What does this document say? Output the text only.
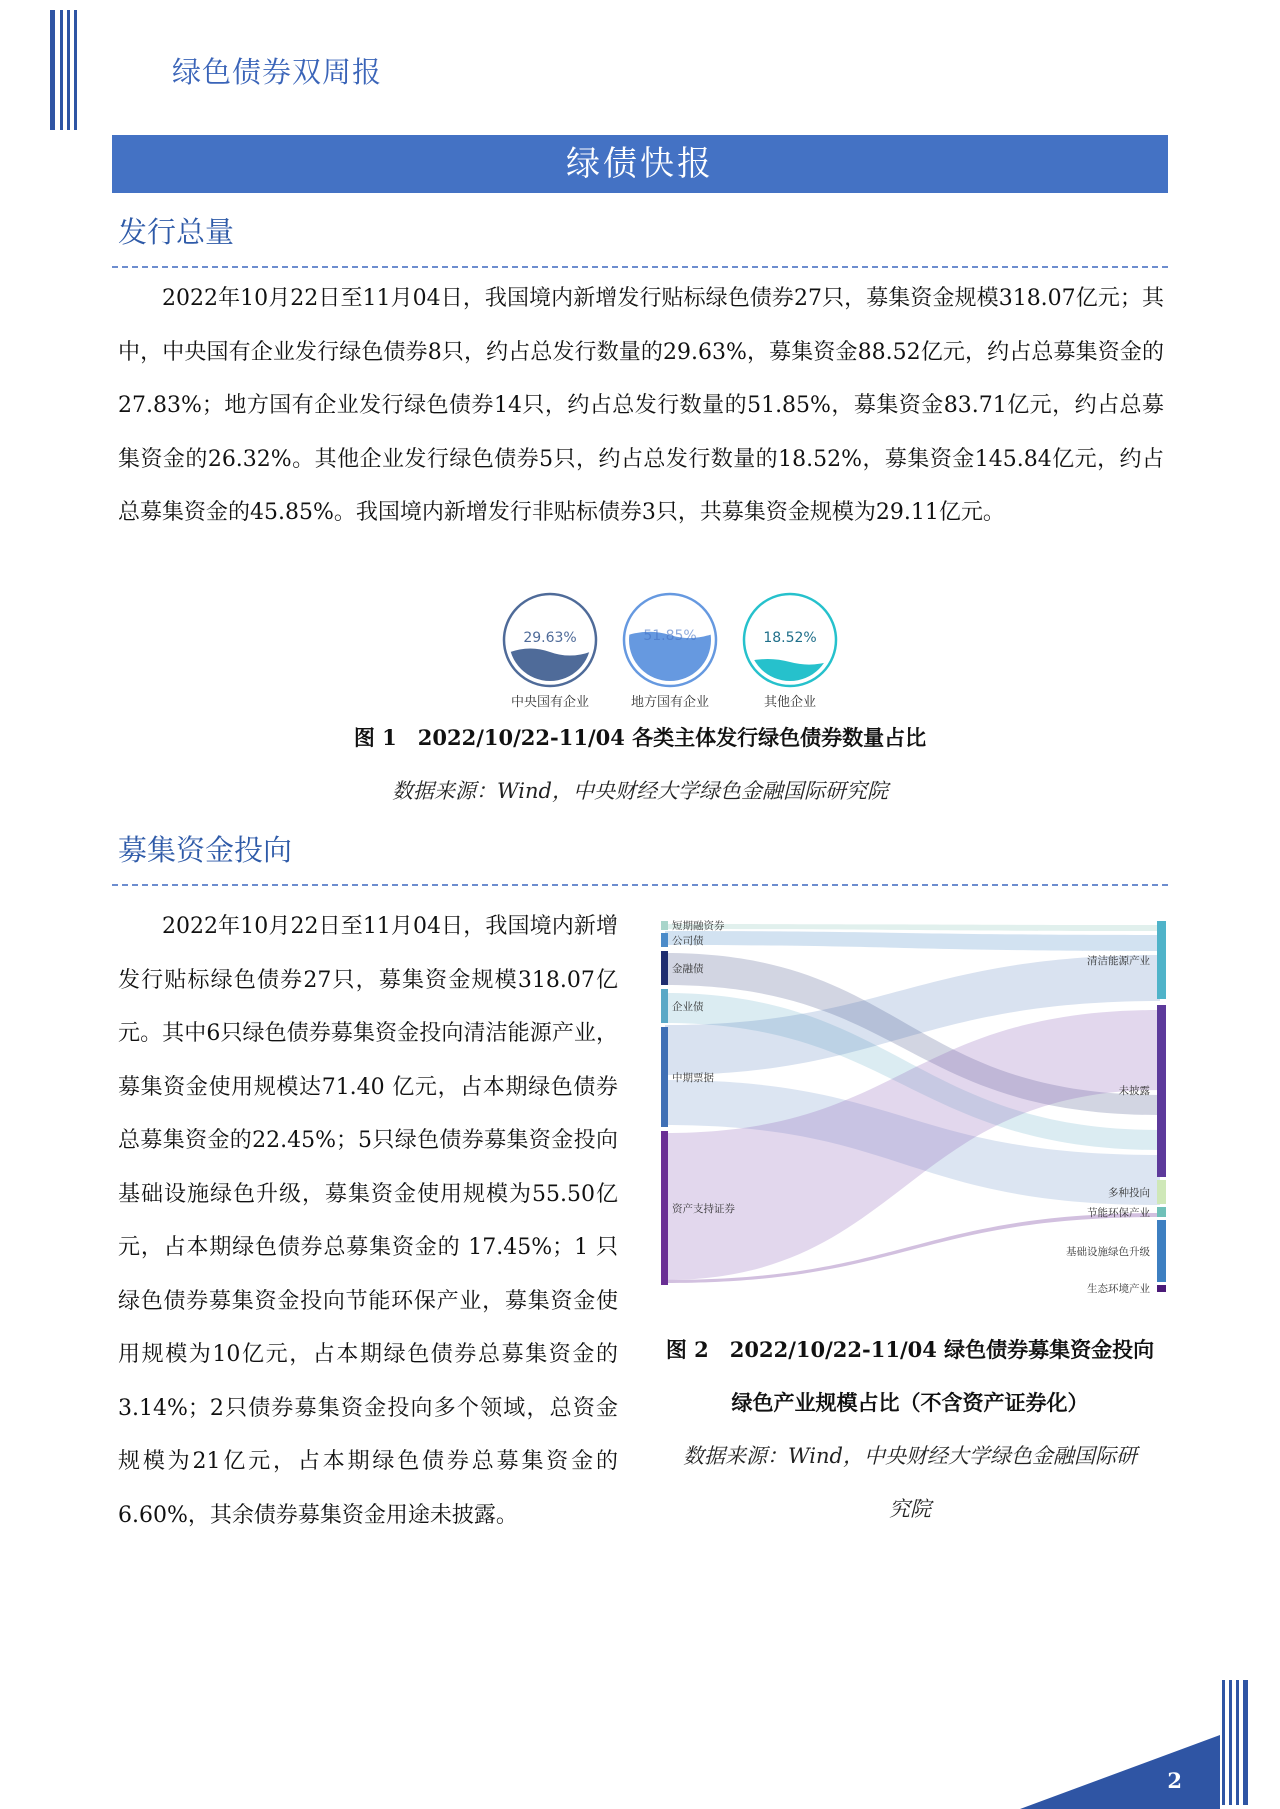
绿色债券双周报
绿债快报
发行总量
2022年10月22日至11月04日，我国境内新增发行贴标绿色债券27只，募集资金规模318.07亿元；其中，中央国有企业发行绿色债券8只，约占总发行数量的29.63%，募集资金88.52亿元，约占总募集资金的27.83%；地方国有企业发行绿色债券14只，约占总发行数量的51.85%，募集资金83.71亿元，约占总募集资金的26.32%。其他企业发行绿色债券5只，约占总发行数量的18.52%，募集资金145.84亿元，约占总募集资金的45.85%。我国境内新增发行非贴标债券3只，共募集资金规模为29.11亿元。
29.63%	51.85%	18.52%
中央国有企业	地方国有企业	其他企业
图 1　2022/10/22-11/04 各类主体发行绿色债券数量占比
数据来源：Wind，中央财经大学绿色金融国际研究院
募集资金投向
2022年10月22日至11月04日，我国境内新增发行贴标绿色债券27只，募集资金规模318.07亿元。其中6只绿色债券募集资金投向清洁能源产业，募集资金使用规模达71.40 亿元，占本期绿色债券总募集资金的22.45%；5只绿色债券募集资金投向基础设施绿色升级，募集资金使用规模为55.50亿元，占本期绿色债券总募集资金的 17.45%；1 只绿色债券募集资金投向节能环保产业，募集资金使用规模为10亿元，占本期绿色债券总募集资金的3.14%；2只债券募集资金投向多个领域，总资金规模为21亿元，占本期绿色债券总募集资金的6.60%，其余债券募集资金用途未披露。
短期融资券
公司债
金融债
企业债
中期票据
资产支持证券
清洁能源产业
未披露
多种投向
节能环保产业
基础设施绿色升级
生态环境产业
图 2　2022/10/22-11/04 绿色债券募集资金投向
绿色产业规模占比（不含资产证券化）
数据来源：Wind，中央财经大学绿色金融国际研
究院
2
